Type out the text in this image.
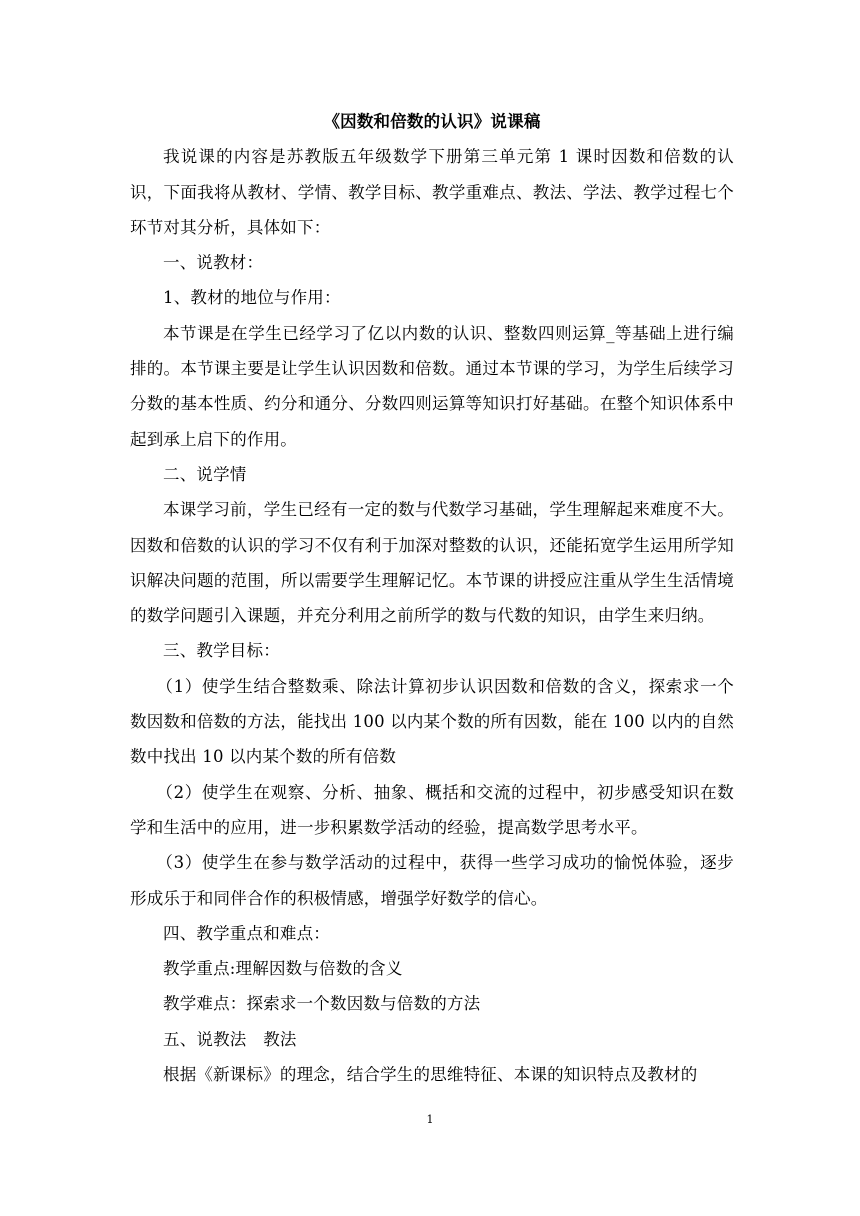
《因数和倍数的认识》说课稿

我说课的内容是苏教版五年级数学下册第三单元第 1 课时因数和倍数的认识，下面我将从教材、学情、教学目标、教学重难点、教法、学法、教学过程七个环节对其分析，具体如下：

一、说教材：

1、教材的地位与作用：

本节课是在学生已经学习了亿以内数的认识、整数四则运算_等基础上进行编排的。本节课主要是让学生认识因数和倍数。通过本节课的学习，为学生后续学习分数的基本性质、约分和通分、分数四则运算等知识打好基础。在整个知识体系中起到承上启下的作用。

二、说学情

本课学习前，学生已经有一定的数与代数学习基础，学生理解起来难度不大。因数和倍数的认识的学习不仅有利于加深对整数的认识，还能拓宽学生运用所学知识解决问题的范围，所以需要学生理解记忆。本节课的讲授应注重从学生生活情境的数学问题引入课题，并充分利用之前所学的数与代数的知识，由学生来归纳。

三、教学目标：

（1）使学生结合整数乘、除法计算初步认识因数和倍数的含义，探索求一个数因数和倍数的方法，能找出 100 以内某个数的所有因数，能在 100 以内的自然数中找出 10 以内某个数的所有倍数

（2）使学生在观察、分析、抽象、概括和交流的过程中，初步感受知识在数学和生活中的应用，进一步积累数学活动的经验，提高数学思考水平。

（3）使学生在参与数学活动的过程中，获得一些学习成功的愉悦体验，逐步形成乐于和同伴合作的积极情感，增强学好数学的信心。

四、教学重点和难点：

教学重点:理解因数与倍数的含义

教学难点：探索求一个数因数与倍数的方法

五、说教法　教法

根据《新课标》的理念，结合学生的思维特征、本课的知识特点及教材的

1
